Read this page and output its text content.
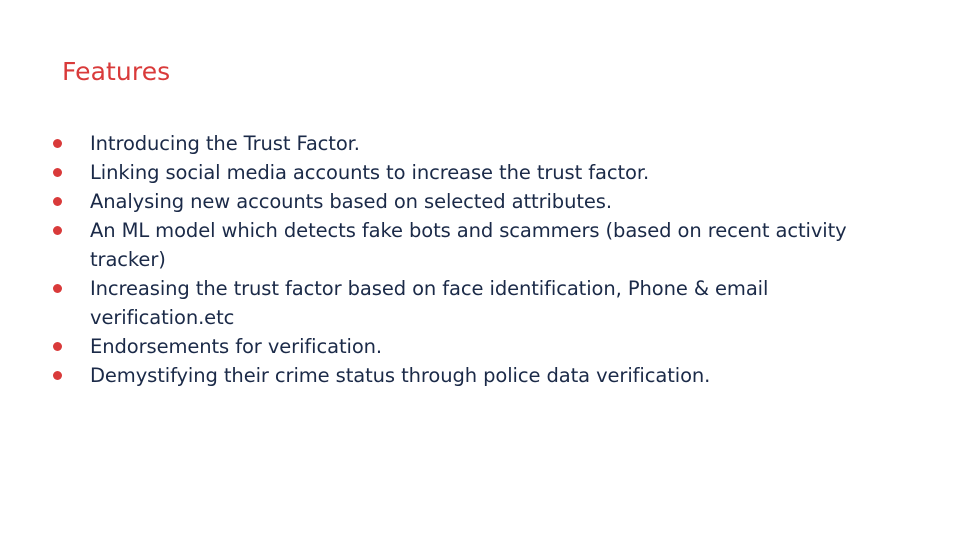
Features
Introducing the Trust Factor.
Linking social media accounts to increase the trust factor.
Analysing new accounts based on selected attributes.
An ML model which detects fake bots and scammers (based on recent activity tracker)
Increasing the trust factor based on face identification, Phone & email verification.etc
Endorsements for verification.
Demystifying their crime status through police data verification.
